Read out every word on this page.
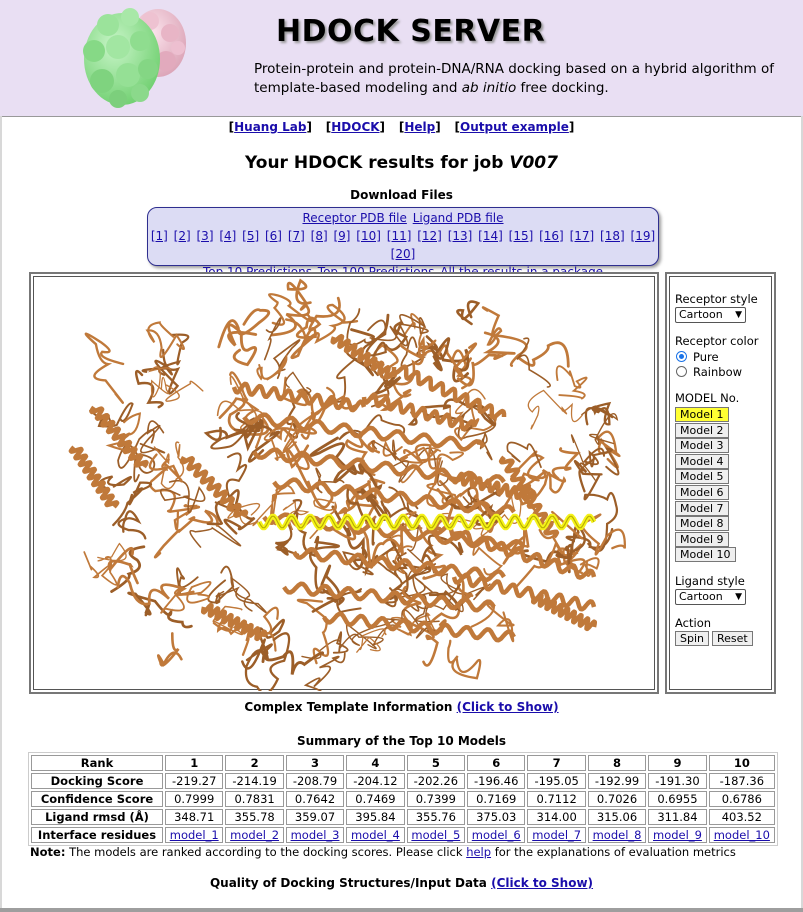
HDOCK SERVER
Protein-protein and protein-DNA/RNA docking based on a hybrid algorithm of template-based modeling and ab initio free docking.
[Huang Lab] [HDOCK] [Help] [Output example]
Your HDOCK results for job V007
Download Files
Receptor PDB file Ligand PDB file
[1] [2] [3] [4] [5] [6] [7] [8] [9] [10] [11] [12] [13] [14] [15] [16] [17] [18] [19] [20]
Receptor style
Cartoon ▼
Receptor color
Pure
Rainbow
MODEL No.
Model 1
Model 2
Model 3
Model 4
Model 5
Model 6
Model 7
Model 8
Model 9
Model 10
Ligand style
Cartoon ▼
Action
Spin	Reset
Complex Template Information (Click to Show)
Summary of the Top 10 Models
Rank	1	2	3	4	5	6	7	8	9	10
Docking Score	-219.27	-214.19	-208.79	-204.12	-202.26	-196.46	-195.05	-192.99	-191.30	-187.36
Confidence Score	0.7999	0.7831	0.7642	0.7469	0.7399	0.7169	0.7112	0.7026	0.6955	0.6786
Ligand rmsd (Å)	348.71	355.78	359.07	395.84	355.76	375.03	314.00	315.06	311.84	403.52
Interface residues	model_1	model_2	model_3	model_4	model_5	model_6	model_7	model_8	model_9	model_10
Note: The models are ranked according to the docking scores. Please click help for the explanations of evaluation metrics
Quality of Docking Structures/Input Data (Click to Show)
